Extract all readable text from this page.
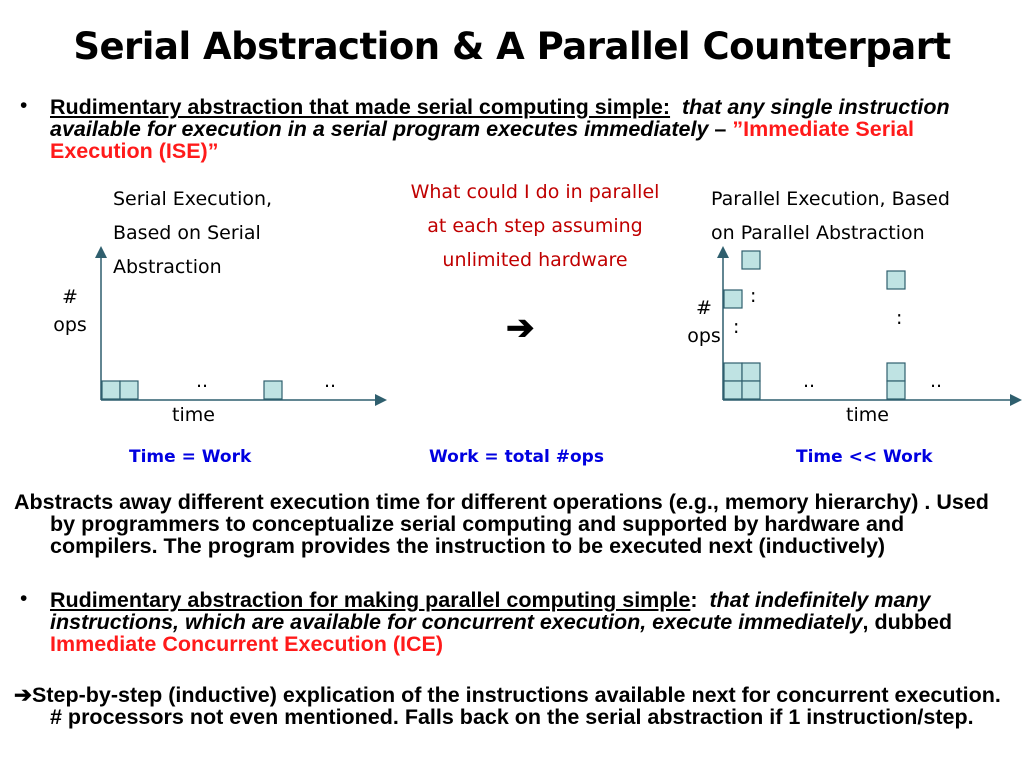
Serial Abstraction & A Parallel Counterpart
• Rudimentary abstraction that made serial computing simple: that any single instruction available for execution in a serial program executes immediately – ”Immediate Serial Execution (ISE)”
Serial Execution,
Based on Serial
Abstraction
What could I do in parallel
at each step assuming
unlimited hardware
Parallel Execution, Based
on Parallel Abstraction
#
ops
#
ops
..	..	..	..
:
:
:
time	time
➔
Time = Work	Work = total #ops	Time << Work
Abstracts away different execution time for different operations (e.g., memory hierarchy) . Used by programmers to conceptualize serial computing and supported by hardware and compilers. The program provides the instruction to be executed next (inductively)
• Rudimentary abstraction for making parallel computing simple: that indefinitely many instructions, which are available for concurrent execution, execute immediately, dubbed Immediate Concurrent Execution (ICE)
➔Step-by-step (inductive) explication of the instructions available next for concurrent execution. # processors not even mentioned. Falls back on the serial abstraction if 1 instruction/step.
